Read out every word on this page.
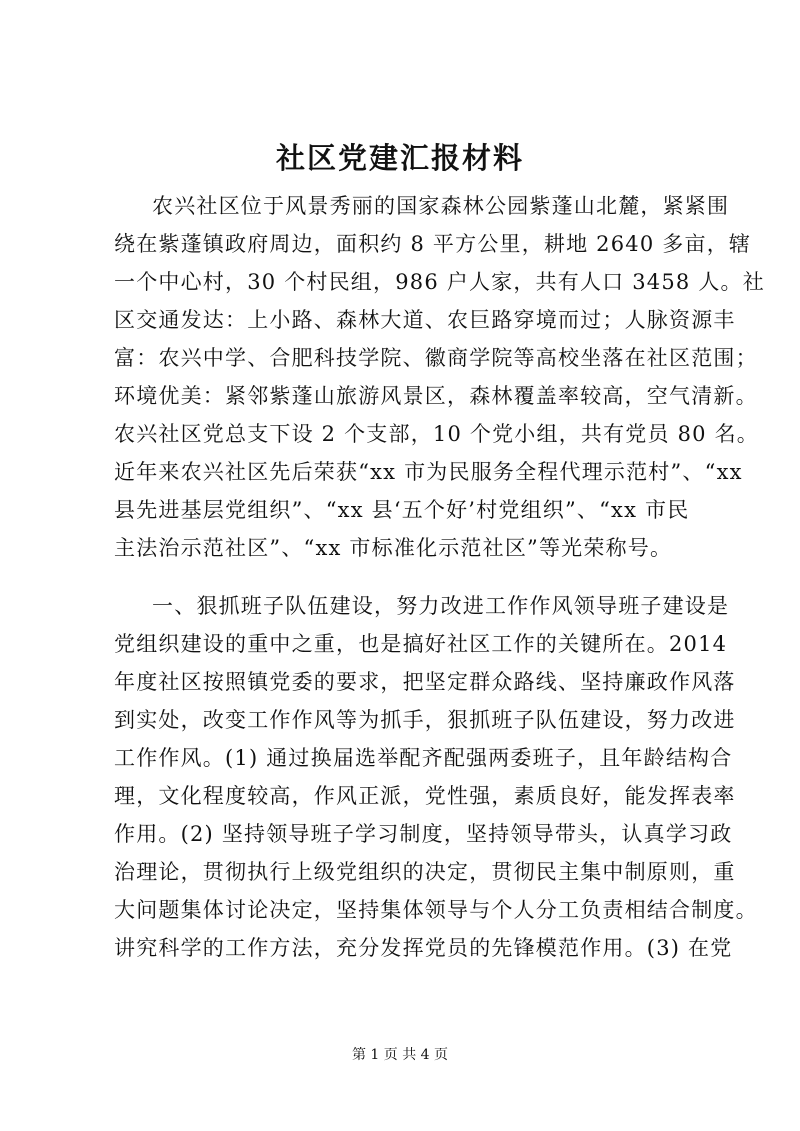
社区党建汇报材料
农兴社区位于风景秀丽的国家森林公园紫蓬山北麓，紧紧围
绕在紫蓬镇政府周边，面积约 8 平方公里，耕地 2640 多亩，辖
一个中心村，30 个村民组，986 户人家，共有人口 3458 人。社
区交通发达：上小路、森林大道、农巨路穿境而过；人脉资源丰
富：农兴中学、合肥科技学院、徽商学院等高校坐落在社区范围；
环境优美：紧邻紫蓬山旅游风景区，森林覆盖率较高，空气清新。
农兴社区党总支下设 2 个支部，10 个党小组，共有党员 80 名。
近年来农兴社区先后荣获“xx 市为民服务全程代理示范村”、“xx
县先进基层党组织”、“xx 县‘五个好’村党组织”、“xx 市民
主法治示范社区”、“xx 市标准化示范社区”等光荣称号。
一、狠抓班子队伍建设，努力改进工作作风领导班子建设是
党组织建设的重中之重，也是搞好社区工作的关键所在。2014
年度社区按照镇党委的要求，把坚定群众路线、坚持廉政作风落
到实处，改变工作作风等为抓手，狠抓班子队伍建设，努力改进
工作作风。(1) 通过换届选举配齐配强两委班子，且年龄结构合
理，文化程度较高，作风正派，党性强，素质良好，能发挥表率
作用。(2) 坚持领导班子学习制度，坚持领导带头，认真学习政
治理论，贯彻执行上级党组织的决定，贯彻民主集中制原则，重
大问题集体讨论决定，坚持集体领导与个人分工负责相结合制度。
讲究科学的工作方法，充分发挥党员的先锋模范作用。(3) 在党
第 1 页 共 4 页
